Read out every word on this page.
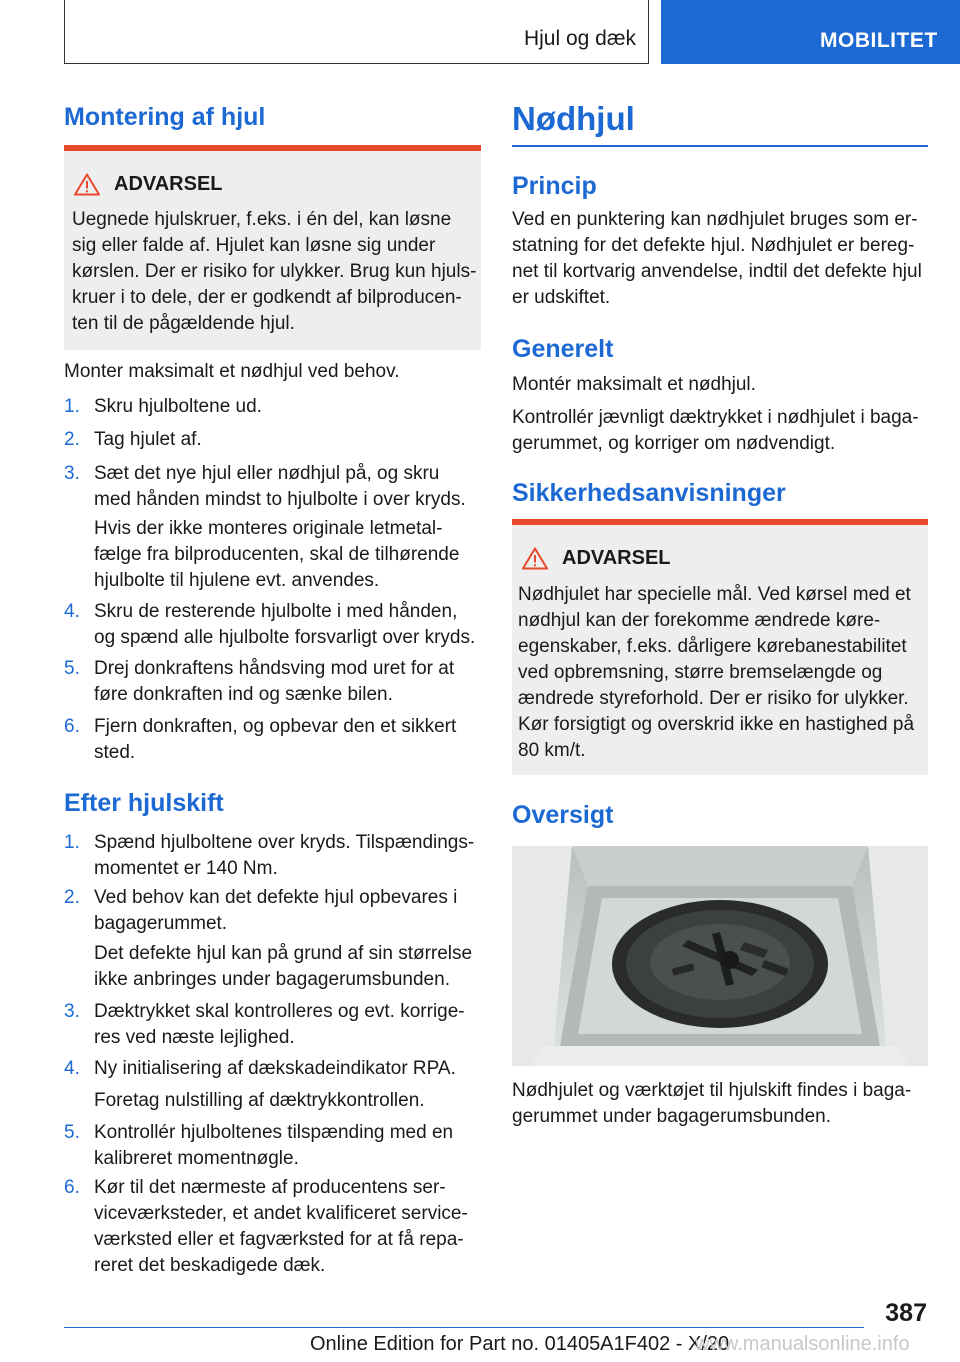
Hjul og dæk	MOBILITET
Montering af hjul
ADVARSEL
Uegnede hjulskruer, f.eks. i én del, kan løsne
sig eller falde af. Hjulet kan løsne sig under
kørslen. Der er risiko for ulykker. Brug kun hjuls-
kruer i to dele, der er godkendt af bilproducen-
ten til de pågældende hjul.
Monter maksimalt et nødhjul ved behov.
1. Skru hjulboltene ud.
2. Tag hjulet af.
3. Sæt det nye hjul eller nødhjul på, og skru
med hånden mindst to hjulbolte i over kryds.
Hvis der ikke monteres originale letmetal-
fælge fra bilproducenten, skal de tilhørende
hjulbolte til hjulene evt. anvendes.
4. Skru de resterende hjulbolte i med hånden,
og spænd alle hjulbolte forsvarligt over kryds.
5. Drej donkraftens håndsving mod uret for at
føre donkraften ind og sænke bilen.
6. Fjern donkraften, og opbevar den et sikkert
sted.
Efter hjulskift
1. Spænd hjulboltene over kryds. Tilspændings-
momentet er 140 Nm.
2. Ved behov kan det defekte hjul opbevares i
bagagerummet.
Det defekte hjul kan på grund af sin størrelse
ikke anbringes under bagagerumsbunden.
3. Dæktrykket skal kontrolleres og evt. korrige-
res ved næste lejlighed.
4. Ny initialisering af dækskadeindikator RPA.
Foretag nulstilling af dæktrykkontrollen.
5. Kontrollér hjulboltenes tilspænding med en
kalibreret momentnøgle.
6. Kør til det nærmeste af producentens ser-
viceværksteder, et andet kvalificeret service-
værksted eller et fagværksted for at få repa-
reret det beskadigede dæk.
Nødhjul
Princip
Ved en punktering kan nødhjulet bruges som er-
statning for det defekte hjul. Nødhjulet er bereg-
net til kortvarig anvendelse, indtil det defekte hjul
er udskiftet.
Generelt
Montér maksimalt et nødhjul.
Kontrollér jævnligt dæktrykket i nødhjulet i baga-
gerummet, og korriger om nødvendigt.
Sikkerhedsanvisninger
ADVARSEL
Nødhjulet har specielle mål. Ved kørsel med et
nødhjul kan der forekomme ændrede køre-
egenskaber, f.eks. dårligere kørebanestabilitet
ved opbremsning, større bremselængde og
ændrede styreforhold. Der er risiko for ulykker.
Kør forsigtigt og overskrid ikke en hastighed på
80 km/t.
Oversigt
Nødhjulet og værktøjet til hjulskift findes i baga-
gerummet under bagagerumsbunden.
387
Online Edition for Part no. 01405A1F402 - X/20
www.manualsonline.info
